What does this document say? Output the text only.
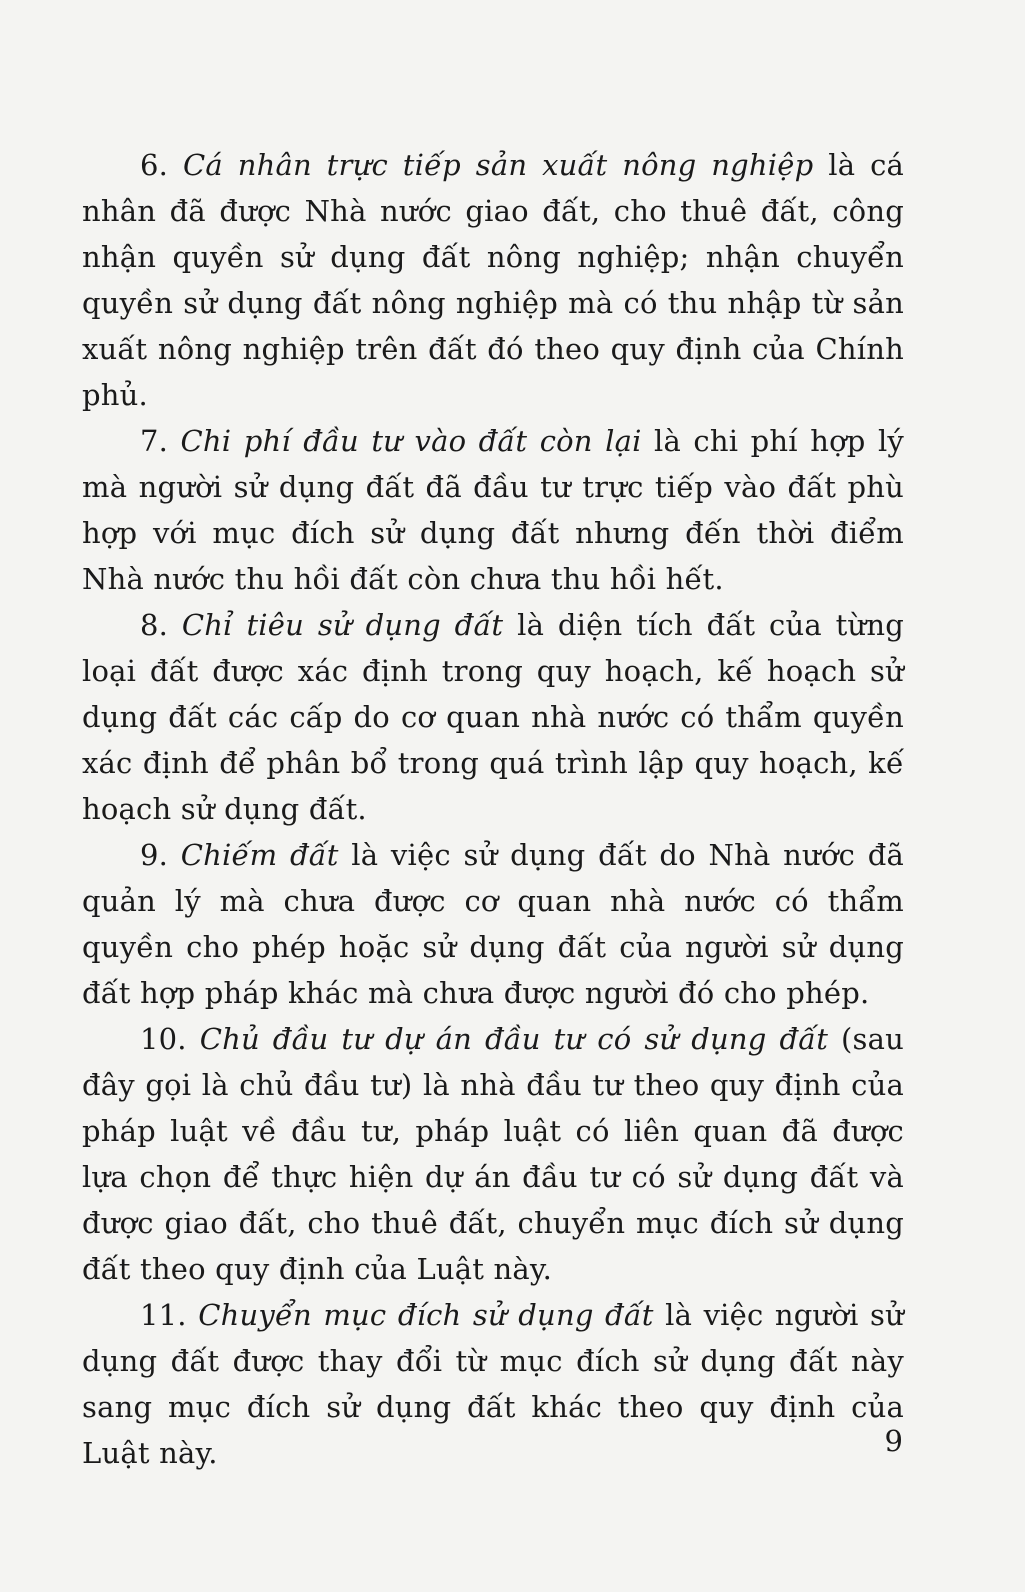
6. Cá nhân trực tiếp sản xuất nông nghiệp là cá nhân đã được Nhà nước giao đất, cho thuê đất, công nhận quyền sử dụng đất nông nghiệp; nhận chuyển quyền sử dụng đất nông nghiệp mà có thu nhập từ sản xuất nông nghiệp trên đất đó theo quy định của Chính phủ.

7. Chi phí đầu tư vào đất còn lại là chi phí hợp lý mà người sử dụng đất đã đầu tư trực tiếp vào đất phù hợp với mục đích sử dụng đất nhưng đến thời điểm Nhà nước thu hồi đất còn chưa thu hồi hết.

8. Chỉ tiêu sử dụng đất là diện tích đất của từng loại đất được xác định trong quy hoạch, kế hoạch sử dụng đất các cấp do cơ quan nhà nước có thẩm quyền xác định để phân bổ trong quá trình lập quy hoạch, kế hoạch sử dụng đất.

9. Chiếm đất là việc sử dụng đất do Nhà nước đã quản lý mà chưa được cơ quan nhà nước có thẩm quyền cho phép hoặc sử dụng đất của người sử dụng đất hợp pháp khác mà chưa được người đó cho phép.

10. Chủ đầu tư dự án đầu tư có sử dụng đất (sau đây gọi là chủ đầu tư) là nhà đầu tư theo quy định của pháp luật về đầu tư, pháp luật có liên quan đã được lựa chọn để thực hiện dự án đầu tư có sử dụng đất và được giao đất, cho thuê đất, chuyển mục đích sử dụng đất theo quy định của Luật này.

11. Chuyển mục đích sử dụng đất là việc người sử dụng đất được thay đổi từ mục đích sử dụng đất này sang mục đích sử dụng đất khác theo quy định của Luật này.	9
